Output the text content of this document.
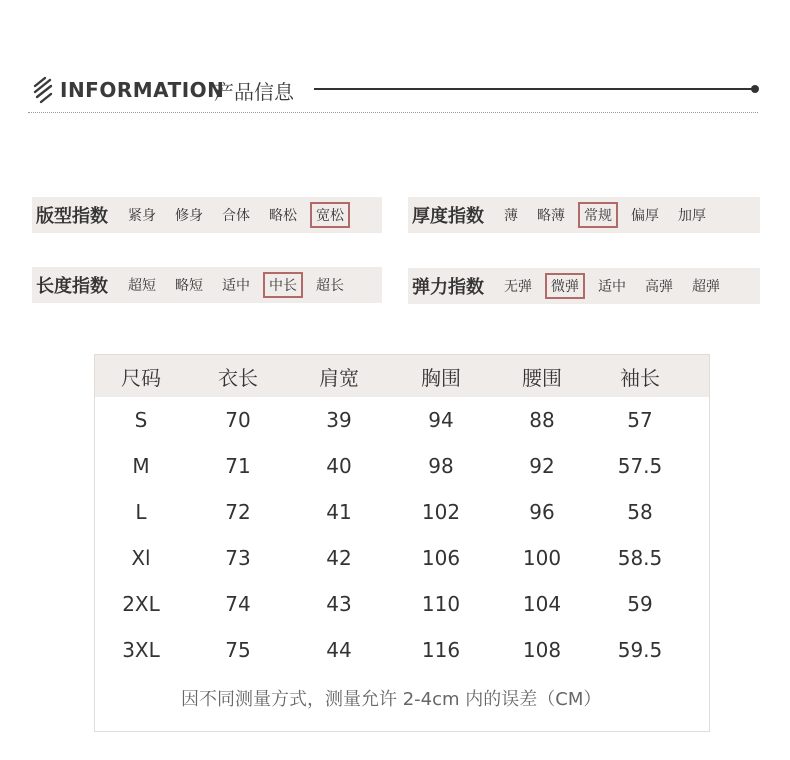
INFORMATION
产品信息
版型指数	紧身	修身	合体	略松	宽松	厚度指数	薄	略薄	常规	偏厚	加厚
长度指数	超短	略短	适中	中长	超长	弹力指数	无弹	微弹	适中	高弹	超弹
尺码	衣长	肩宽	胸围	腰围	袖长
S	70	39	94	88	57
M	71	40	98	92	57.5
L	72	41	102	96	58
Xl	73	42	106	100	58.5
2XL	74	43	110	104	59
3XL	75	44	116	108	59.5
因不同测量方式，测量允许 2-4cm 内的误差（CM）
